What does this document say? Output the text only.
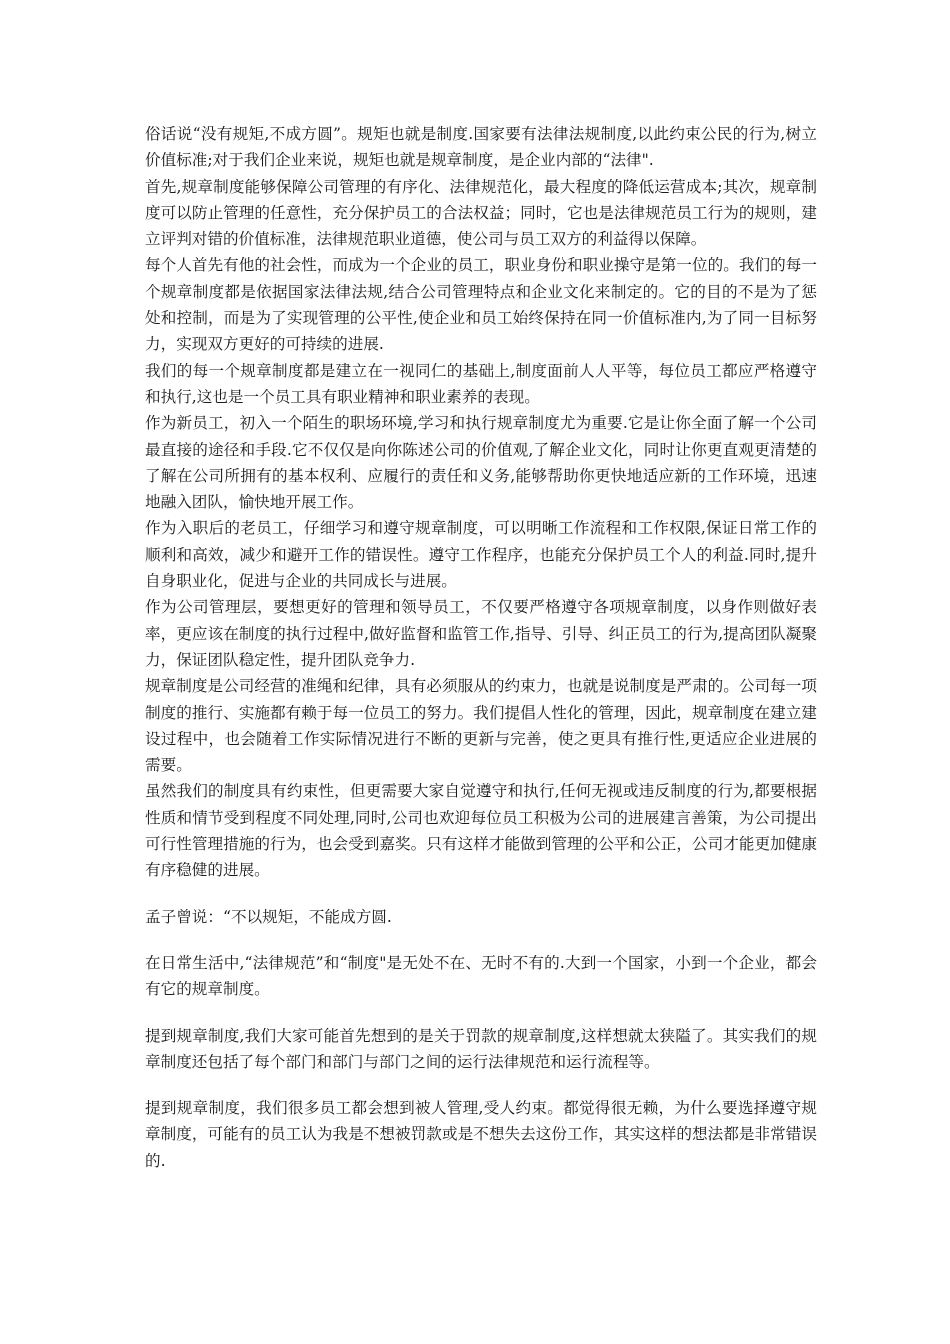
俗话说“没有规矩,不成方圆”。规矩也就是制度.国家要有法律法规制度,以此约束公民的行为,树立价值标准;对于我们企业来说，规矩也就是规章制度，是企业内部的“法律".

首先,规章制度能够保障公司管理的有序化、法律规范化，最大程度的降低运营成本;其次，规章制度可以防止管理的任意性，充分保护员工的合法权益；同时，它也是法律规范员工行为的规则，建立评判对错的价值标准，法律规范职业道德，使公司与员工双方的利益得以保障。

每个人首先有他的社会性，而成为一个企业的员工，职业身份和职业操守是第一位的。我们的每一个规章制度都是依据国家法律法规,结合公司管理特点和企业文化来制定的。它的目的不是为了惩处和控制，而是为了实现管理的公平性,使企业和员工始终保持在同一价值标准内,为了同一目标努力，实现双方更好的可持续的进展.

我们的每一个规章制度都是建立在一视同仁的基础上,制度面前人人平等，每位员工都应严格遵守和执行,这也是一个员工具有职业精神和职业素养的表现。

作为新员工，初入一个陌生的职场环境,学习和执行规章制度尤为重要.它是让你全面了解一个公司最直接的途径和手段.它不仅仅是向你陈述公司的价值观,了解企业文化，同时让你更直观更清楚的了解在公司所拥有的基本权利、应履行的责任和义务,能够帮助你更快地适应新的工作环境，迅速地融入团队，愉快地开展工作。

作为入职后的老员工，仔细学习和遵守规章制度，可以明晰工作流程和工作权限,保证日常工作的顺利和高效，减少和避开工作的错误性。遵守工作程序，也能充分保护员工个人的利益.同时,提升自身职业化，促进与企业的共同成长与进展。

作为公司管理层，要想更好的管理和领导员工，不仅要严格遵守各项规章制度，以身作则做好表率，更应该在制度的执行过程中,做好监督和监管工作,指导、引导、纠正员工的行为,提高团队凝聚力，保证团队稳定性，提升团队竞争力.

规章制度是公司经营的准绳和纪律，具有必须服从的约束力，也就是说制度是严肃的。公司每一项制度的推行、实施都有赖于每一位员工的努力。我们提倡人性化的管理，因此，规章制度在建立建设过程中，也会随着工作实际情况进行不断的更新与完善，使之更具有推行性,更适应企业进展的需要。

虽然我们的制度具有约束性，但更需要大家自觉遵守和执行,任何无视或违反制度的行为,都要根据性质和情节受到程度不同处理,同时,公司也欢迎每位员工积极为公司的进展建言善策，为公司提出可行性管理措施的行为，也会受到嘉奖。只有这样才能做到管理的公平和公正，公司才能更加健康有序稳健的进展。

孟子曾说：“不以规矩，不能成方圆.

在日常生活中,“法律规范”和“制度"是无处不在、无时不有的.大到一个国家，小到一个企业，都会有它的规章制度。

提到规章制度,我们大家可能首先想到的是关于罚款的规章制度,这样想就太狭隘了。其实我们的规章制度还包括了每个部门和部门与部门之间的运行法律规范和运行流程等。

提到规章制度，我们很多员工都会想到被人管理,受人约束。都觉得很无赖，为什么要选择遵守规章制度，可能有的员工认为我是不想被罚款或是不想失去这份工作，其实这样的想法都是非常错误的.
